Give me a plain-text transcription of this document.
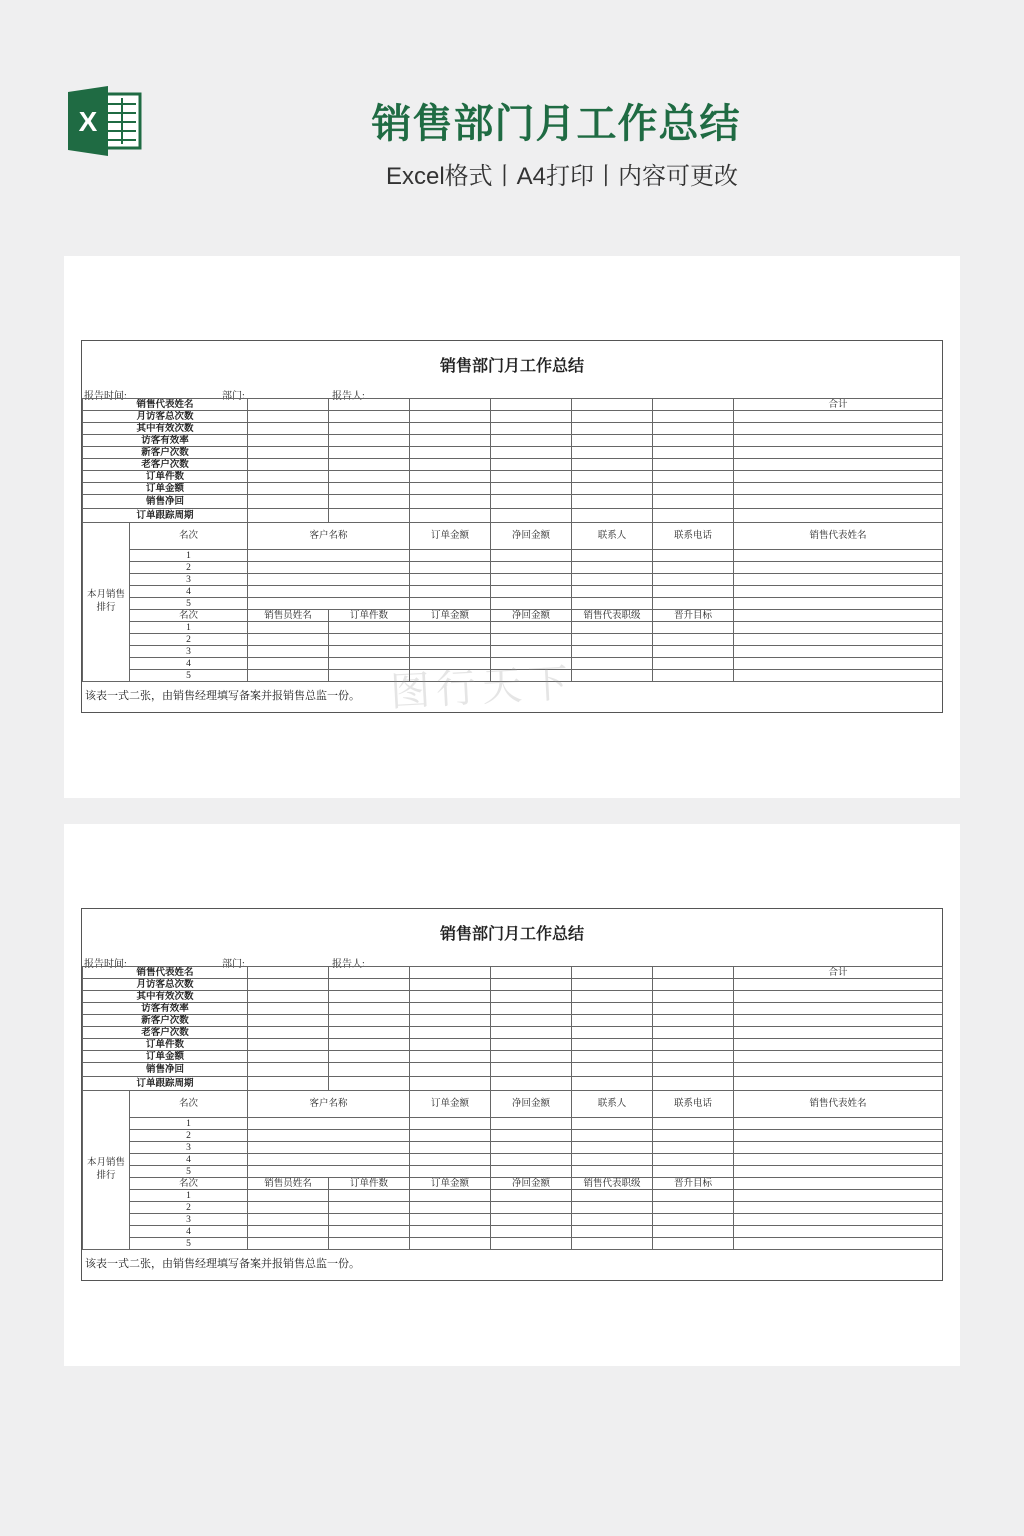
X	销售部门月工作总结
Excel格式丨A4打印丨内容可更改
销售部门月工作总结
报告时间:	部门:	报告人:
销售代表姓名								合计
月访客总次数								
其中有效次数								
访客有效率								
新客户次数								
老客户次数								
订单件数								
订单金额								
销售净回								
订单跟踪周期								
本月销售排行	名次	客户名称		订单金额	净回金额	联系人	联系电话	销售代表姓名
	1							
	2							
	3							
	4							
	5							
	名次	销售员姓名	订单件数	订单金额	净回金额	销售代表职级	晋升目标	
	1							
	2							
	3							
	4							
	5							
该表一式二张，由销售经理填写备案并报销售总监一份。
销售部门月工作总结
报告时间:	部门:	报告人:
销售代表姓名								合计
月访客总次数								
其中有效次数								
访客有效率								
新客户次数								
老客户次数								
订单件数								
订单金额								
销售净回								
订单跟踪周期								
本月销售排行	名次	客户名称		订单金额	净回金额	联系人	联系电话	销售代表姓名
	1							
	2							
	3							
	4							
	5							
	名次	销售员姓名	订单件数	订单金额	净回金额	销售代表职级	晋升目标	
	1							
	2							
	3							
	4							
	5							
该表一式二张，由销售经理填写备案并报销售总监一份。
图行天下
